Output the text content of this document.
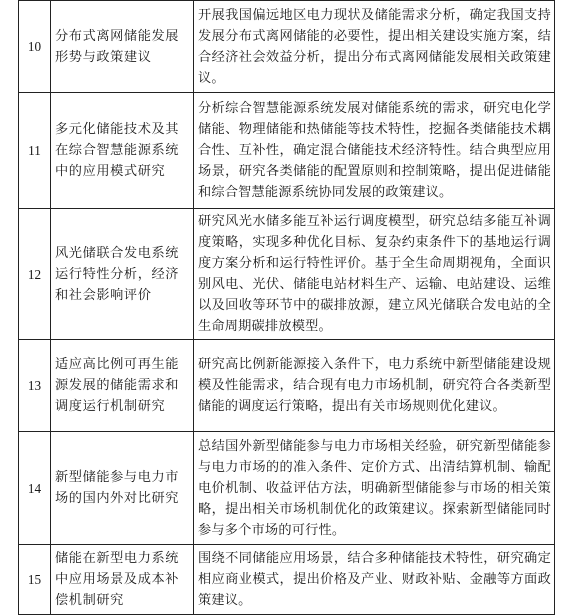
10	分布式离网储能发展形势与政策建议	开展我国偏远地区电力现状及储能需求分析，确定我国支持发展分布式离网储能的必要性，提出相关建设实施方案，结合经济社会效益分析，提出分布式离网储能发展相关政策建议。
11	多元化储能技术及其在综合智慧能源系统中的应用模式研究	分析综合智慧能源系统发展对储能系统的需求，研究电化学储能、物理储能和热储能等技术特性，挖掘各类储能技术耦合性、互补性，确定混合储能技术经济特性。结合典型应用场景，研究各类储能的配置原则和控制策略，提出促进储能和综合智慧能源系统协同发展的政策建议。
12	风光储联合发电系统运行特性分析，经济和社会影响评价	研究风光水储多能互补运行调度模型，研究总结多能互补调度策略，实现多种优化目标、复杂约束条件下的基地运行调度方案分析和运行特性评价。基于全生命周期视角，全面识别风电、光伏、储能电站材料生产、运输、电站建设、运维以及回收等环节中的碳排放源，建立风光储联合发电站的全生命周期碳排放模型。
13	适应高比例可再生能源发展的储能需求和调度运行机制研究	研究高比例新能源接入条件下，电力系统中新型储能建设规模及性能需求，结合现有电力市场机制，研究符合各类新型储能的调度运行策略，提出有关市场规则优化建议。
14	新型储能参与电力市场的国内外对比研究	总结国外新型储能参与电力市场相关经验，研究新型储能参与电力市场的的准入条件、定价方式、出清结算机制、输配电价机制、收益评估方法，明确新型储能参与市场的相关策略，提出相关市场机制优化的政策建议。探索新型储能同时参与多个市场的可行性。
15	储能在新型电力系统中应用场景及成本补偿机制研究	围绕不同储能应用场景，结合多种储能技术特性，研究确定相应商业模式，提出价格及产业、财政补贴、金融等方面政策建议。
